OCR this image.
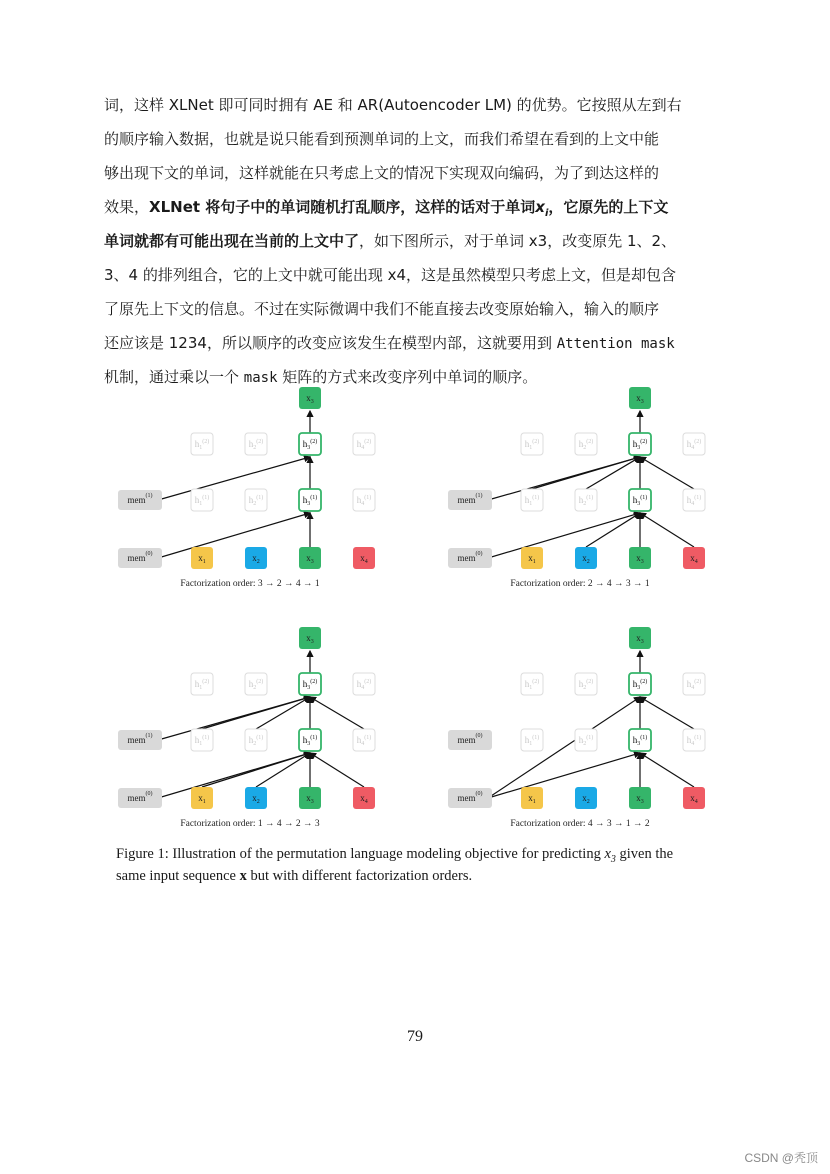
词，这样 XLNet 即可同时拥有 AE 和 AR(Autoencoder LM) 的优势。它按照从左到右
的顺序输入数据，也就是说只能看到预测单词的上文，而我们希望在看到的上文中能
够出现下文的单词，这样就能在只考虑上文的情况下实现双向编码，为了到达这样的
效果，XLNet 将句子中的单词随机打乱顺序，这样的话对于单词$x_i$，它原先的上下文
单词就都有可能出现在当前的上文中了，如下图所示，对于单词 x3，改变原先 1、2、
3、4 的排列组合，它的上文中就可能出现 x4，这是虽然模型只考虑上文，但是却包含
了原先上下文的信息。不过在实际微调中我们不能直接去改变原始输入，输入的顺序
还应该是 1234，所以顺序的改变应该发生在模型内部，这就要用到 Attention mask
机制，通过乘以一个 mask 矩阵的方式来改变序列中单词的顺序。
mem$^{(1)}$
mem$^{(0)}$
$h_1^{(2)}$
$h_1^{(1)}$
$x_1$
$h_2^{(2)}$
$h_2^{(1)}$
$x_2$
$h_3^{(2)}$
$h_3^{(1)}$
$x_3$
$h_4^{(2)}$
$h_4^{(1)}$
$x_4$
$x_3$
Factorization order: 3 → 2 → 4 → 1
mem$^{(1)}$
mem$^{(0)}$
$h_1^{(2)}$
$h_1^{(1)}$
$x_1$
$h_2^{(2)}$
$h_2^{(1)}$
$x_2$
$h_3^{(2)}$
$h_3^{(1)}$
$x_3$
$h_4^{(2)}$
$h_4^{(1)}$
$x_4$
$x_3$
Factorization order: 2 → 4 → 3 → 1
mem$^{(1)}$
mem$^{(0)}$
$h_1^{(2)}$
$h_1^{(1)}$
$x_1$
$h_2^{(2)}$
$h_2^{(1)}$
$x_2$
$h_3^{(2)}$
$h_3^{(1)}$
$x_3$
$h_4^{(2)}$
$h_4^{(1)}$
$x_4$
$x_3$
Factorization order: 1 → 4 → 2 → 3
mem$^{(0)}$
mem$^{(0)}$
$h_1^{(2)}$
$h_1^{(1)}$
$x_1$
$h_2^{(2)}$
$h_2^{(1)}$
$x_2$
$h_3^{(2)}$
$h_3^{(1)}$
$x_3$
$h_4^{(2)}$
$h_4^{(1)}$
$x_4$
$x_3$
Factorization order: 4 → 3 → 1 → 2
Figure 1: Illustration of the permutation language modeling objective for predicting $x_3$ given the
same input sequence x but with different factorization orders.
79
CSDN @秃顶
